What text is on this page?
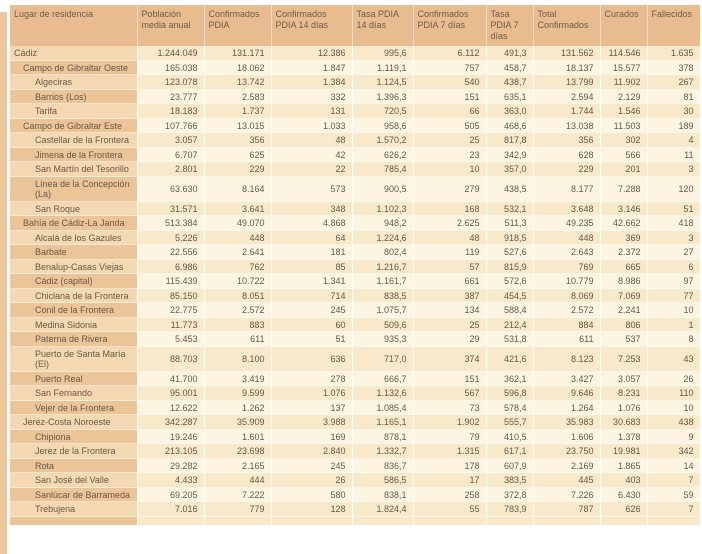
Lugar de residencia	Población media anual	Confirmados PDIA	Confirmados PDIA 14 días	Tasa PDIA 14 días	Confirmados PDIA 7 días	Tasa PDIA 7 días	Total Confirmados	Curados	Fallecidos
Cádiz	1.244.049	131.171	12.386	995,6	6.112	491,3	131.562	114.546	1.635
Campo de Gibraltar Oeste	165.038	18.062	1.847	1.119,1	757	458,7	18.137	15.577	378
Algeciras	123.078	13.742	1.384	1.124,5	540	438,7	13.799	11.902	267
Barrios (Los)	23.777	2.583	332	1.396,3	151	635,1	2.594	2.129	81
Tarifa	18.183	1.737	131	720,5	66	363,0	1.744	1.546	30
Campo de Gibraltar Este	107.766	13.015	1.033	958,6	505	468,6	13.038	11.503	189
Castellar de la Frontera	3.057	356	48	1.570,2	25	817,8	356	302	4
Jimena de la Frontera	6.707	625	42	626,2	23	342,9	628	566	11
San Martín del Tesorillo	2.801	229	22	785,4	10	357,0	229	201	3
Línea de la Concepción (La)	63.630	8.164	573	900,5	279	438,5	8.177	7.288	120
San Roque	31.571	3.641	348	1.102,3	168	532,1	3.648	3.146	51
Bahía de Cádiz-La Janda	513.384	49.070	4.868	948,2	2.625	511,3	49.235	42.662	418
Alcalá de los Gazules	5.226	448	64	1.224,6	48	918,5	448	369	3
Barbate	22.556	2.641	181	802,4	119	527,6	2.643	2.372	27
Benalup-Casas Viejas	6.986	762	85	1.216,7	57	815,9	769	665	6
Cádiz (capital)	115.439	10.722	1.341	1.161,7	661	572,6	10.779	8.986	97
Chiclana de la Frontera	85.150	8.051	714	838,5	387	454,5	8.069	7.069	77
Conil de la Frontera	22.775	2.572	245	1.075,7	134	588,4	2.572	2.241	10
Medina Sidonia	11.773	883	60	509,6	25	212,4	884	806	1
Paterna de Rivera	5.453	611	51	935,3	29	531,8	611	537	8
Puerto de Santa María (El)	88.703	8.100	636	717,0	374	421,6	8.123	7.253	43
Puerto Real	41.700	3.419	278	666,7	151	362,1	3.427	3.057	26
San Fernando	95.001	9.599	1.076	1.132,6	567	596,8	9.646	8.231	110
Vejer de la Frontera	12.622	1.262	137	1.085,4	73	578,4	1.264	1.076	10
Jerez-Costa Noroeste	342.287	35.909	3.988	1.165,1	1.902	555,7	35.983	30.683	438
Chipiona	19.246	1.601	169	878,1	79	410,5	1.606	1.378	9
Jerez de la Frontera	213.105	23.698	2.840	1.332,7	1.315	617,1	23.750	19.981	342
Rota	29.282	2.165	245	836,7	178	607,9	2.169	1.865	14
San José del Valle	4.433	444	26	586,5	17	383,5	445	403	7
Sanlúcar de Barrameda	69.205	7.222	580	838,1	258	372,8	7.226	6.430	59
Trebujena	7.016	779	128	1.824,4	55	783,9	787	626	7
